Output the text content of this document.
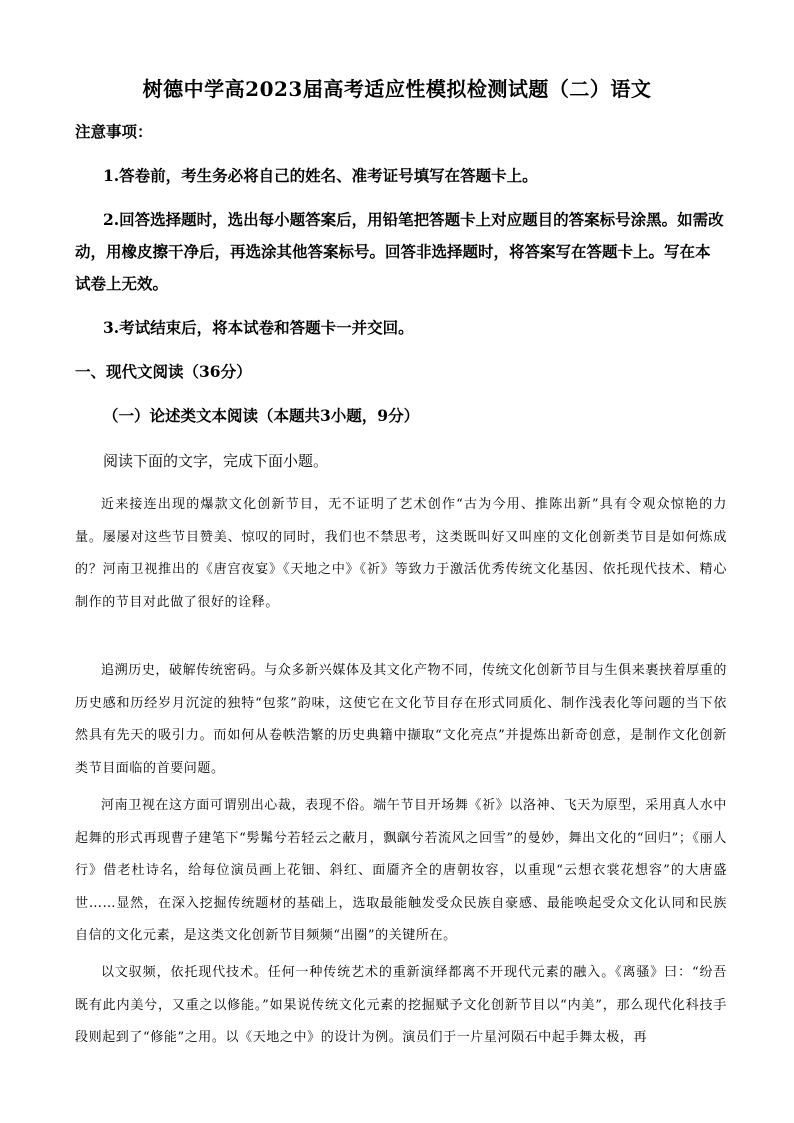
树德中学高2023届高考适应性模拟检测试题（二）语文
注意事项：
1.答卷前，考生务必将自己的姓名、准考证号填写在答题卡上。
2.回答选择题时，选出每小题答案后，用铅笔把答题卡上对应题目的答案标号涂黑。如需改动，用橡皮擦干净后，再选涂其他答案标号。回答非选择题时，将答案写在答题卡上。写在本试卷上无效。
3.考试结束后，将本试卷和答题卡一并交回。
一、现代文阅读（36分）
（一）论述类文本阅读（本题共3小题，9分）
阅读下面的文字，完成下面小题。
近来接连出现的爆款文化创新节目，无不证明了艺术创作“古为今用、推陈出新”具有令观众惊艳的力量。屡屡对这些节目赞美、惊叹的同时，我们也不禁思考，这类既叫好又叫座的文化创新类节目是如何炼成的？河南卫视推出的《唐宫夜宴》《天地之中》《祈》等致力于激活优秀传统文化基因、依托现代技术、精心制作的节目对此做了很好的诠释。
追溯历史，破解传统密码。与众多新兴媒体及其文化产物不同，传统文化创新节目与生俱来裹挟着厚重的历史感和历经岁月沉淀的独特“包浆”韵味，这使它在文化节目存在形式同质化、制作浅表化等问题的当下依然具有先天的吸引力。而如何从卷帙浩繁的历史典籍中撷取“文化亮点”并提炼出新奇创意，是制作文化创新类节目面临的首要问题。
河南卫视在这方面可谓别出心裁，表现不俗。端午节目开场舞《祈》以洛神、飞天为原型，采用真人水中起舞的形式再现曹子建笔下“髣髴兮若轻云之蔽月，飘飖兮若流风之回雪”的曼妙，舞出文化的“回归”；《丽人行》借老杜诗名，给每位演员画上花钿、斜红、面靥齐全的唐朝妆容，以重现“云想衣裳花想容”的大唐盛世……显然，在深入挖掘传统题材的基础上，选取最能触发受众民族自豪感、最能唤起受众文化认同和民族自信的文化元素，是这类文化创新节目频频“出圈”的关键所在。
以文驭频，依托现代技术。任何一种传统艺术的重新演绎都离不开现代元素的融入。《离骚》曰：“纷吾既有此内美兮，又重之以修能。”如果说传统文化元素的挖掘赋予文化创新节目以“内美”，那么现代化科技手段则起到了“修能”之用。以《天地之中》的设计为例。演员们于一片星河陨石中起手舞太极，再
